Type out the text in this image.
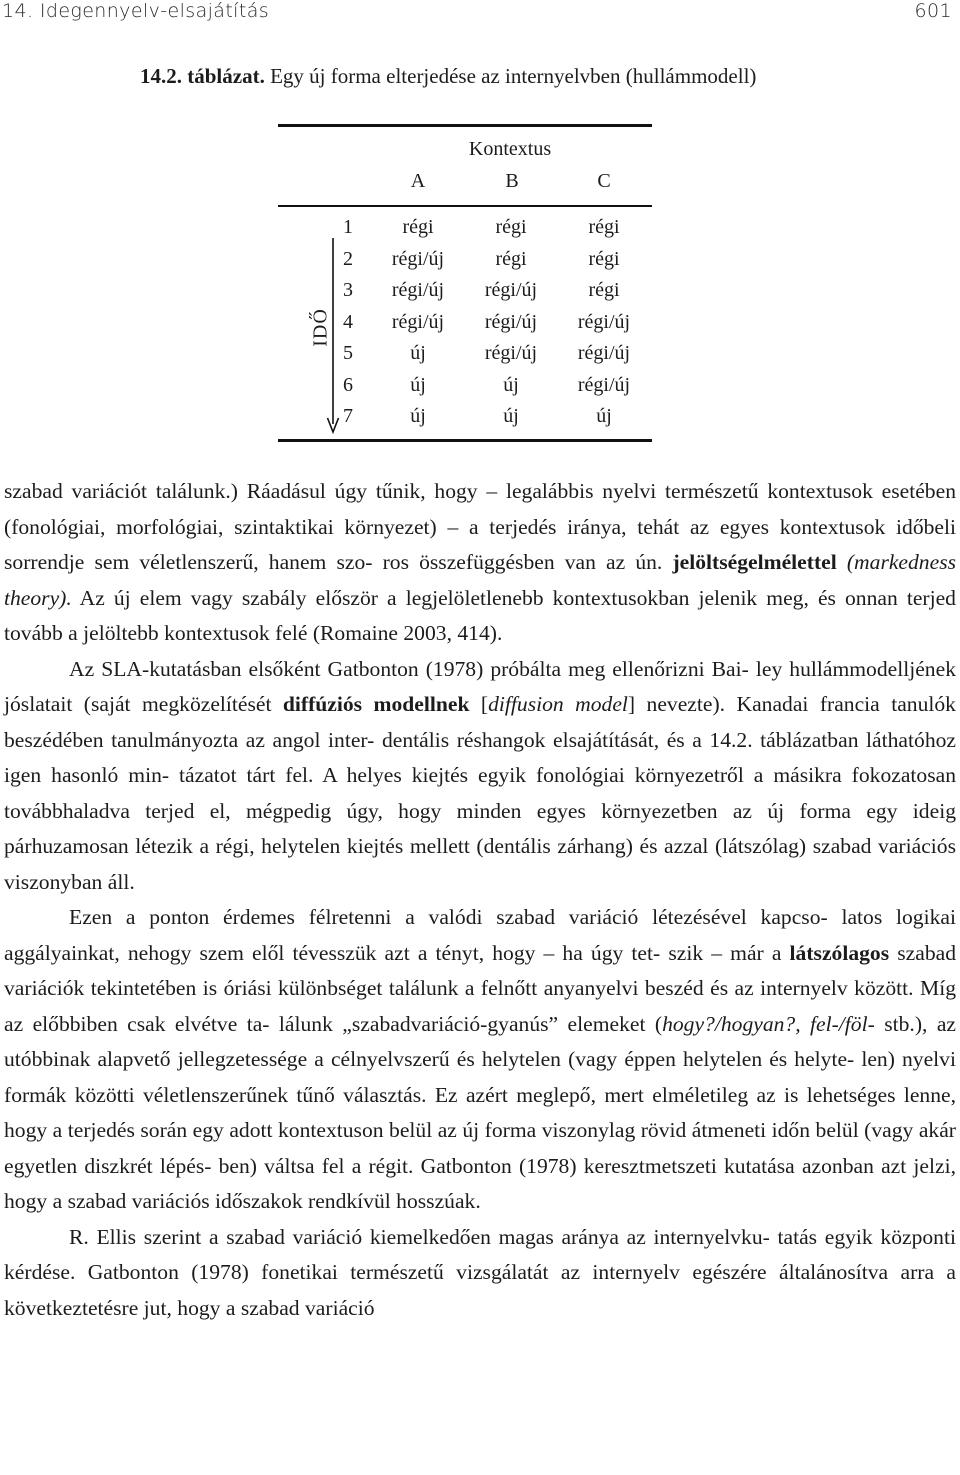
14. Idegennyelv-elsajátítás	601
14.2. táblázat. Egy új forma elterjedése az internyelvben (hullámmodell)
Kontextus
A	B	C
IDŐ
1	régi	régi	régi
2	régi/új	régi	régi
3	régi/új	régi/új	régi
4	régi/új	régi/új	régi/új
5	új	régi/új	régi/új
6	új	új	régi/új
7	új	új	új

szabad variációt találunk.) Ráadásul úgy tűnik, hogy – legalábbis nyelvi természetű kontextusok esetében (fonológiai, morfológiai, szintaktikai környezet) – a terjedés iránya, tehát az egyes kontextusok időbeli sorrendje sem véletlenszerű, hanem szo- ros összefüggésben van az ún. jelöltségelmélettel (markedness theory). Az új elem vagy szabály először a legjelöletlenebb kontextusokban jelenik meg, és onnan terjed tovább a jelöltebb kontextusok felé (Romaine 2003, 414).

Az SLA-kutatásban elsőként Gatbonton (1978) próbálta meg ellenőrizni Bai- ley hullámmodelljének jóslatait (saját megközelítését diffúziós modellnek [diffusion model] nevezte). Kanadai francia tanulók beszédében tanulmányozta az angol inter- dentális réshangok elsajátítását, és a 14.2. táblázatban láthatóhoz igen hasonló min- tázatot tárt fel. A helyes kiejtés egyik fonológiai környezetről a másikra fokozatosan továbbhaladva terjed el, mégpedig úgy, hogy minden egyes környezetben az új forma egy ideig párhuzamosan létezik a régi, helytelen kiejtés mellett (dentális zárhang) és azzal (látszólag) szabad variációs viszonyban áll.

Ezen a ponton érdemes félretenni a valódi szabad variáció létezésével kapcso- latos logikai aggályainkat, nehogy szem elől tévesszük azt a tényt, hogy – ha úgy tet- szik – már a látszólagos szabad variációk tekintetében is óriási különbséget találunk a felnőtt anyanyelvi beszéd és az internyelv között. Míg az előbbiben csak elvétve ta- lálunk „szabadvariáció-gyanús” elemeket (hogy?/hogyan?, fel-/föl- stb.), az utóbbinak alapvető jellegzetessége a célnyelvszerű és helytelen (vagy éppen helytelen és helyte- len) nyelvi formák közötti véletlenszerűnek tűnő választás. Ez azért meglepő, mert elméletileg az is lehetséges lenne, hogy a terjedés során egy adott kontextuson belül az új forma viszonylag rövid átmeneti időn belül (vagy akár egyetlen diszkrét lépés- ben) váltsa fel a régit. Gatbonton (1978) keresztmetszeti kutatása azonban azt jelzi, hogy a szabad variációs időszakok rendkívül hosszúak.

R. Ellis szerint a szabad variáció kiemelkedően magas aránya az internyelvku- tatás egyik központi kérdése. Gatbonton (1978) fonetikai természetű vizsgálatát az internyelv egészére általánosítva arra a következtetésre jut, hogy a szabad variáció
